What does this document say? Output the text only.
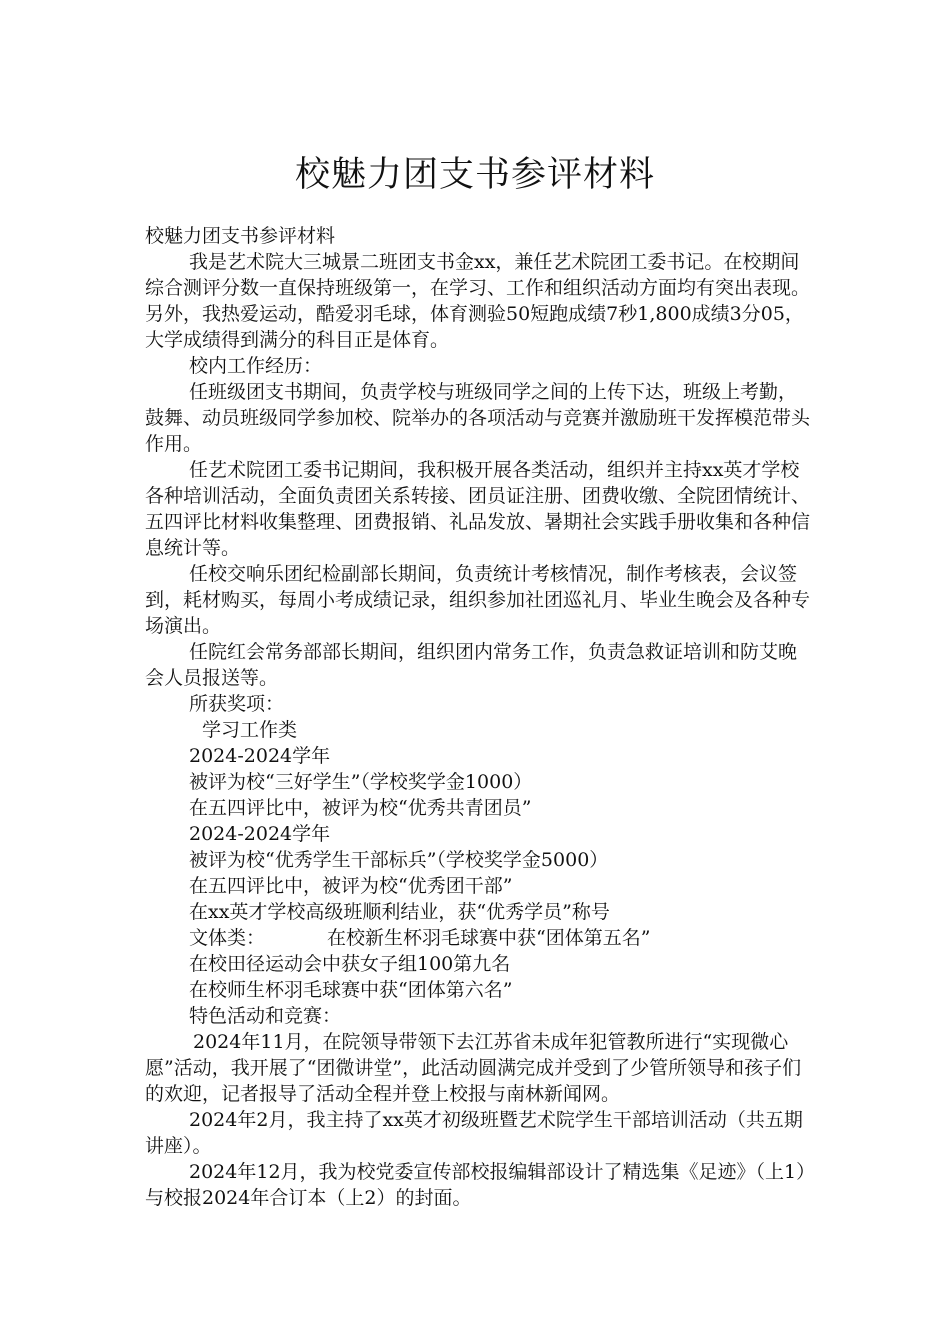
校魅力团支书参评材料

校魅力团支书参评材料

我是艺术院大三城景二班团支书金xx，兼任艺术院团工委书记。在校期间综合测评分数一直保持班级第一，在学习、工作和组织活动方面均有突出表现。另外，我热爱运动，酷爱羽毛球，体育测验50短跑成绩7秒1,800成绩3分05，大学成绩得到满分的科目正是体育。

校内工作经历：

任班级团支书期间，负责学校与班级同学之间的上传下达，班级上考勤，鼓舞、动员班级同学参加校、院举办的各项活动与竞赛并激励班干发挥模范带头作用。

任艺术院团工委书记期间，我积极开展各类活动，组织并主持xx英才学校各种培训活动，全面负责团关系转接、团员证注册、团费收缴、全院团情统计、五四评比材料收集整理、团费报销、礼品发放、暑期社会实践手册收集和各种信息统计等。

任校交响乐团纪检副部长期间，负责统计考核情况，制作考核表，会议签到，耗材购买，每周小考成绩记录，组织参加社团巡礼月、毕业生晚会及各种专场演出。

任院红会常务部部长期间，组织团内常务工作，负责急救证培训和防艾晚会人员报送等。

所获奖项：

学习工作类

2024-2024学年

被评为校“三好学生”（学校奖学金1000）

在五四评比中，被评为校“优秀共青团员”

2024-2024学年

被评为校“优秀学生干部标兵”（学校奖学金5000）

在五四评比中，被评为校“优秀团干部”

在xx英才学校高级班顺利结业，获“优秀学员”称号

文体类：	在校新生杯羽毛球赛中获“团体第五名”

在校田径运动会中获女子组100第九名

在校师生杯羽毛球赛中获“团体第六名”

特色活动和竞赛：

2024年11月，在院领导带领下去江苏省未成年犯管教所进行“实现微心愿”活动，我开展了“团微讲堂”，此活动圆满完成并受到了少管所领导和孩子们的欢迎，记者报导了活动全程并登上校报与南林新闻网。

2024年2月，我主持了xx英才初级班暨艺术院学生干部培训活动（共五期讲座）。

2024年12月，我为校党委宣传部校报编辑部设计了精选集《足迹》（上1）与校报2024年合订本（上2）的封面。
